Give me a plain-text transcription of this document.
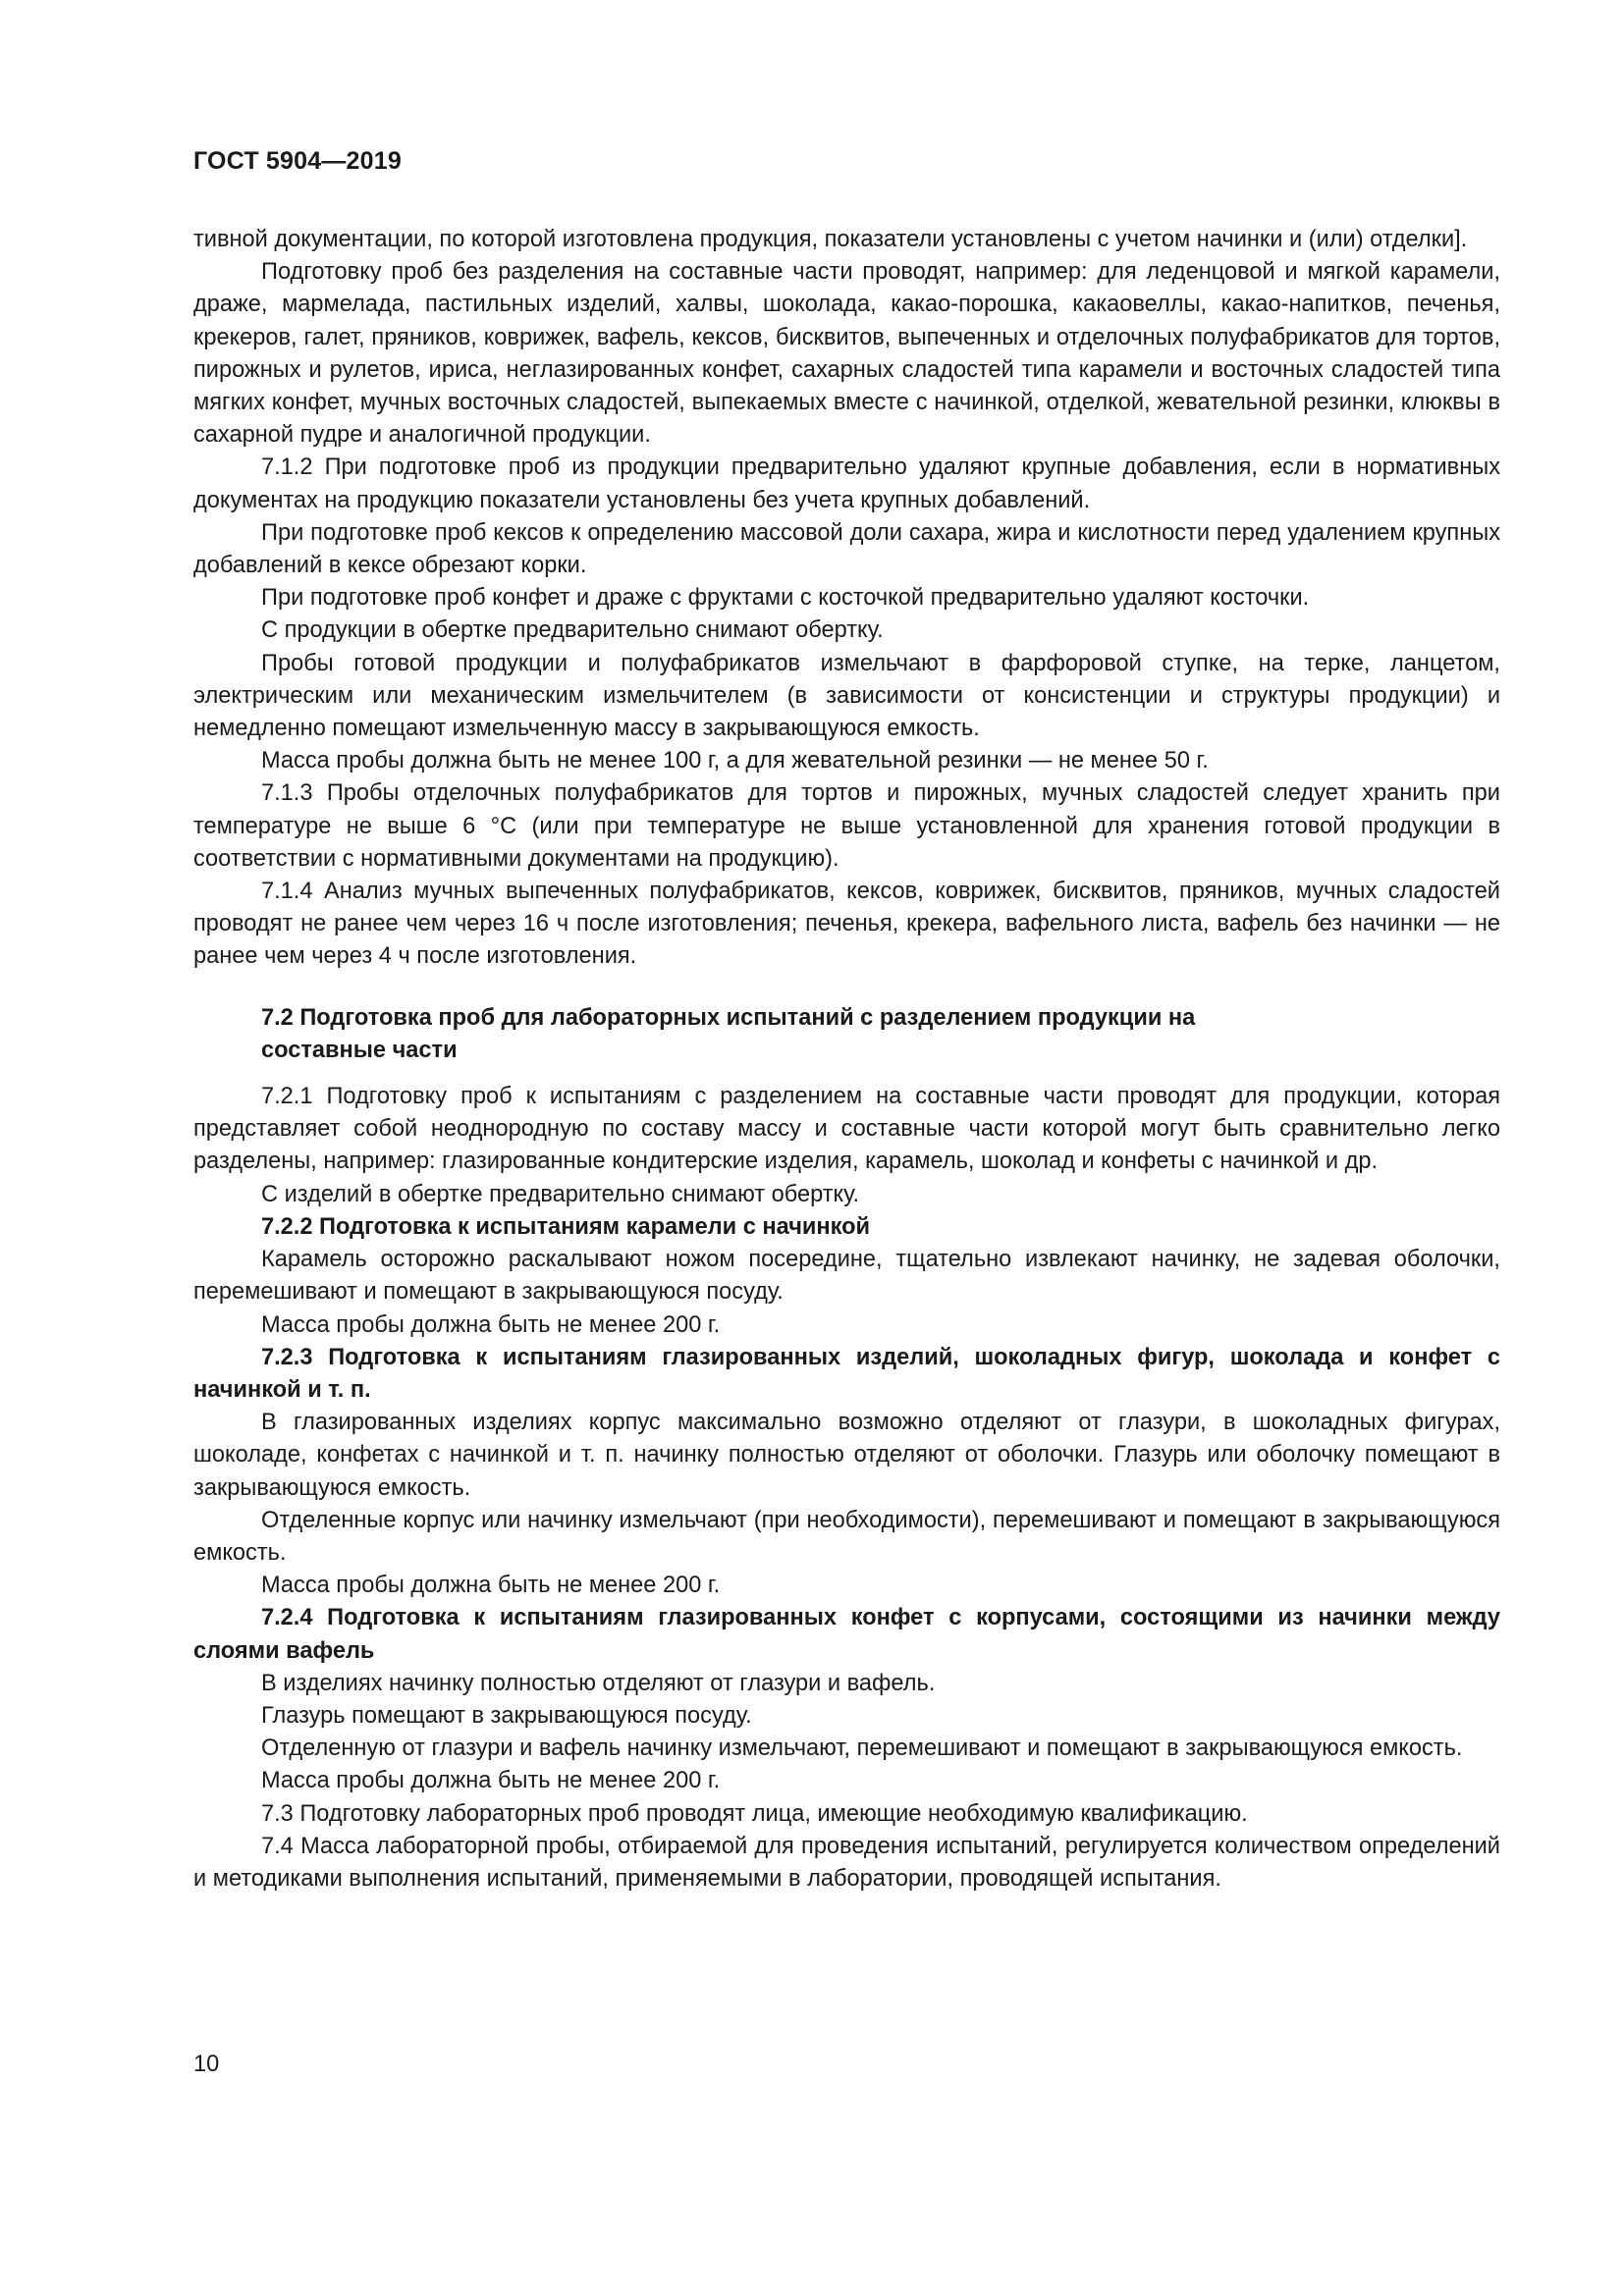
ГОСТ 5904—2019

тивной документации, по которой изготовлена продукция, показатели установлены с учетом начинки и (или) отделки].

Подготовку проб без разделения на составные части проводят, например: для леденцовой и мягкой карамели, драже, мармелада, пастильных изделий, халвы, шоколада, какао-порошка, какаовеллы, какао-напитков, печенья, крекеров, галет, пряников, коврижек, вафель, кексов, бисквитов, выпеченных и отделочных полуфабрикатов для тортов, пирожных и рулетов, ириса, неглазированных конфет, сахарных сладостей типа карамели и восточных сладостей типа мягких конфет, мучных восточных сладостей, выпекаемых вместе с начинкой, отделкой, жевательной резинки, клюквы в сахарной пудре и аналогичной продукции.

7.1.2 При подготовке проб из продукции предварительно удаляют крупные добавления, если в нормативных документах на продукцию показатели установлены без учета крупных добавлений.

При подготовке проб кексов к определению массовой доли сахара, жира и кислотности перед удалением крупных добавлений в кексе обрезают корки.

При подготовке проб конфет и драже с фруктами с косточкой предварительно удаляют косточки.

С продукции в обертке предварительно снимают обертку.

Пробы готовой продукции и полуфабрикатов измельчают в фарфоровой ступке, на терке, ланцетом, электрическим или механическим измельчителем (в зависимости от консистенции и структуры продукции) и немедленно помещают измельченную массу в закрывающуюся емкость.

Масса пробы должна быть не менее 100 г, а для жевательной резинки — не менее 50 г.

7.1.3 Пробы отделочных полуфабрикатов для тортов и пирожных, мучных сладостей следует хранить при температуре не выше 6 °С (или при температуре не выше установленной для хранения готовой продукции в соответствии с нормативными документами на продукцию).

7.1.4 Анализ мучных выпеченных полуфабрикатов, кексов, коврижек, бисквитов, пряников, мучных сладостей проводят не ранее чем через 16 ч после изготовления; печенья, крекера, вафельного листа, вафель без начинки — не ранее чем через 4 ч после изготовления.

7.2 Подготовка проб для лабораторных испытаний с разделением продукции на составные части

7.2.1 Подготовку проб к испытаниям с разделением на составные части проводят для продукции, которая представляет собой неоднородную по составу массу и составные части которой могут быть сравнительно легко разделены, например: глазированные кондитерские изделия, карамель, шоколад и конфеты с начинкой и др.

С изделий в обертке предварительно снимают обертку.

7.2.2 Подготовка к испытаниям карамели с начинкой

Карамель осторожно раскалывают ножом посередине, тщательно извлекают начинку, не задевая оболочки, перемешивают и помещают в закрывающуюся посуду.

Масса пробы должна быть не менее 200 г.

7.2.3 Подготовка к испытаниям глазированных изделий, шоколадных фигур, шоколада и конфет с начинкой и т. п.

В глазированных изделиях корпус максимально возможно отделяют от глазури, в шоколадных фигурах, шоколаде, конфетах с начинкой и т. п. начинку полностью отделяют от оболочки. Глазурь или оболочку помещают в закрывающуюся емкость.

Отделенные корпус или начинку измельчают (при необходимости), перемешивают и помещают в закрывающуюся емкость.

Масса пробы должна быть не менее 200 г.

7.2.4 Подготовка к испытаниям глазированных конфет с корпусами, состоящими из начинки между слоями вафель

В изделиях начинку полностью отделяют от глазури и вафель.

Глазурь помещают в закрывающуюся посуду.

Отделенную от глазури и вафель начинку измельчают, перемешивают и помещают в закрывающуюся емкость.

Масса пробы должна быть не менее 200 г.

7.3 Подготовку лабораторных проб проводят лица, имеющие необходимую квалификацию.

7.4 Масса лабораторной пробы, отбираемой для проведения испытаний, регулируется количеством определений и методиками выполнения испытаний, применяемыми в лаборатории, проводящей испытания.

10
